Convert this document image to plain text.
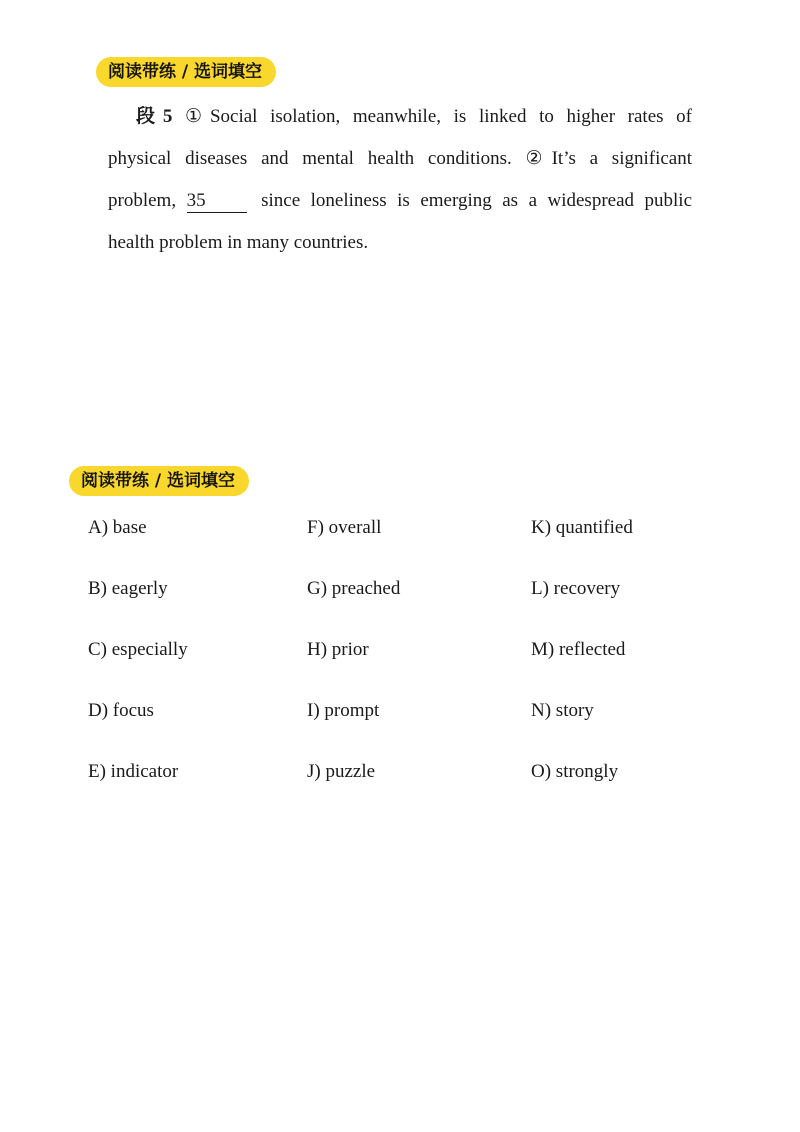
阅读带练 / 选词填空
段5 ①Social isolation, meanwhile, is linked to higher rates of
physical diseases and mental health conditions. ②It’s a significant
problem, 35	since loneliness is emerging as a widespread public
health problem in many countries.
阅读带练 / 选词填空
A) base
B) eagerly
C) especially
D) focus
E) indicator
F) overall
G) preached
H) prior
I) prompt
J) puzzle
K) quantified
L) recovery
M) reflected
N) story
O) strongly
